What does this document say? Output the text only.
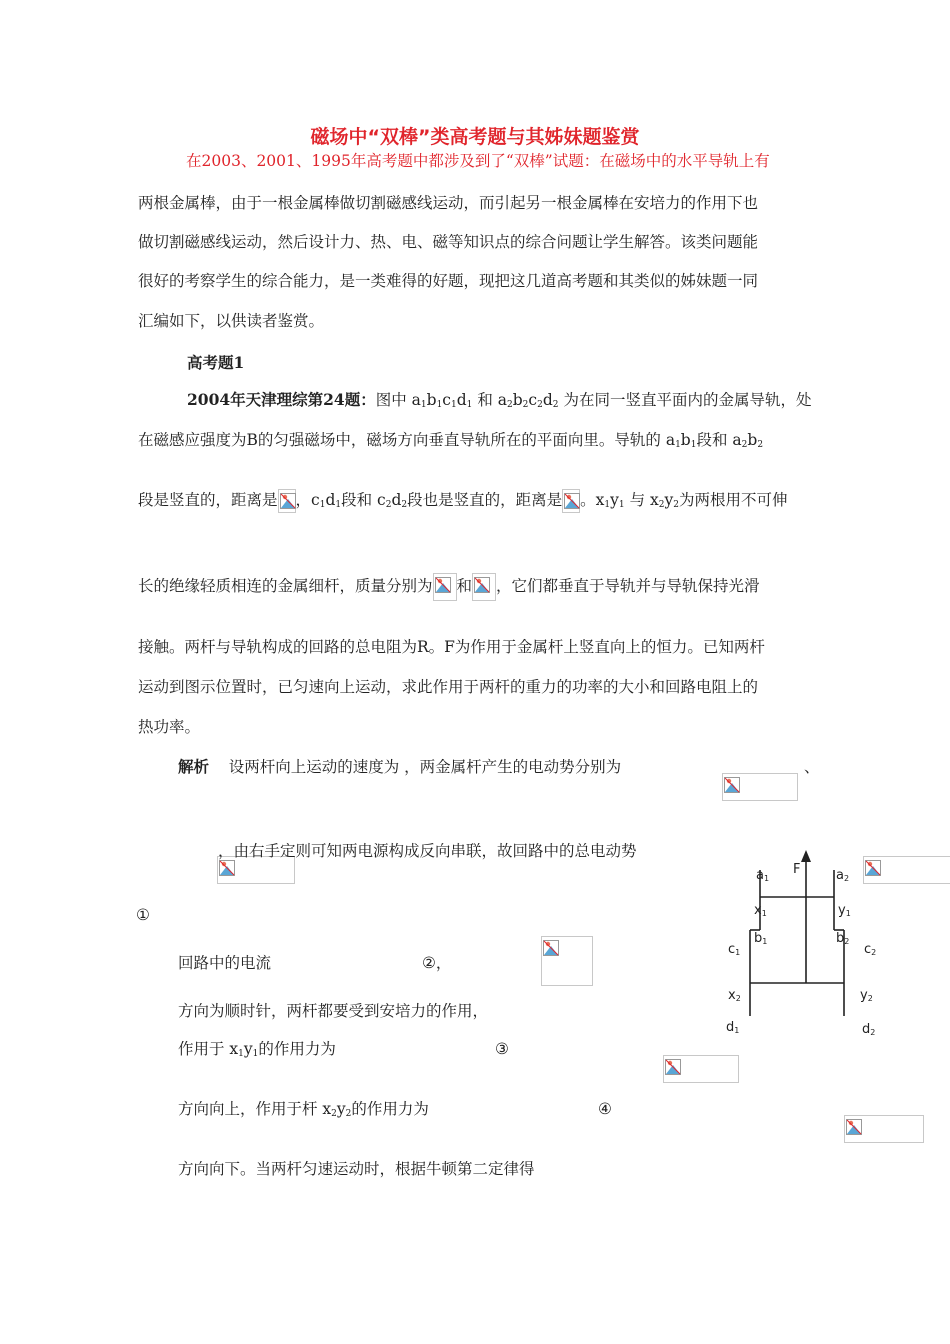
磁场中“双棒”类高考题与其姊妹题鉴赏
在2003、2001、1995年高考题中都涉及到了“双棒”试题：在磁场中的水平导轨上有
两根金属棒，由于一根金属棒做切割磁感线运动，而引起另一根金属棒在安培力的作用下也
做切割磁感线运动，然后设计力、热、电、磁等知识点的综合问题让学生解答。该类问题能
很好的考察学生的综合能力，是一类难得的好题，现把这几道高考题和其类似的姊妹题一同
汇编如下，以供读者鉴赏。
高考题1
2004年天津理综第24题：图中 $a_1b_1c_1d_1$ 和 $a_2b_2c_2d_2$ 为在同一竖直平面内的金属导轨，处
在磁感应强度为B的匀强磁场中，磁场方向垂直导轨所在的平面向里。导轨的 $a_1b_1$段和 $a_2b_2$
段是竖直的，距离是 ，$c_1d_1$段和 $c_2d_2$段也是竖直的，距离是 。$x_1y_1$ 与 $x_2y_2$为两根用不可伸
长的绝缘轻质相连的金属细杆，质量分别为 和 ，它们都垂直于导轨并与导轨保持光滑
接触。两杆与导轨构成的回路的总电阻为R。F为作用于金属杆上竖直向上的恒力。已知两杆
运动到图示位置时，已匀速向上运动，求此作用于两杆的重力的功率的大小和回路电阻上的
热功率。
解析 设两杆向上运动的速度为 ，两金属杆产生的电动势分别为
	、

，由右手定则可知两电源构成反向串联，故回路中的总电动势

①
回路中的电流
	②，
方向为顺时针，两杆都要受到安培力的作用，
作用于 $x_1y_1$的作用力为
	③
方向向上，作用于杆 $x_2y_2$的作用力为	④
方向向下。当两杆匀速运动时，根据牛顿第二定律得
$a_1$
F	$a_2$
$x_1$	$y_1$
$b_1$	$b_2$
$c_1$	$c_2$
$x_2$	$y_2$
$d_1$	$d_2$
